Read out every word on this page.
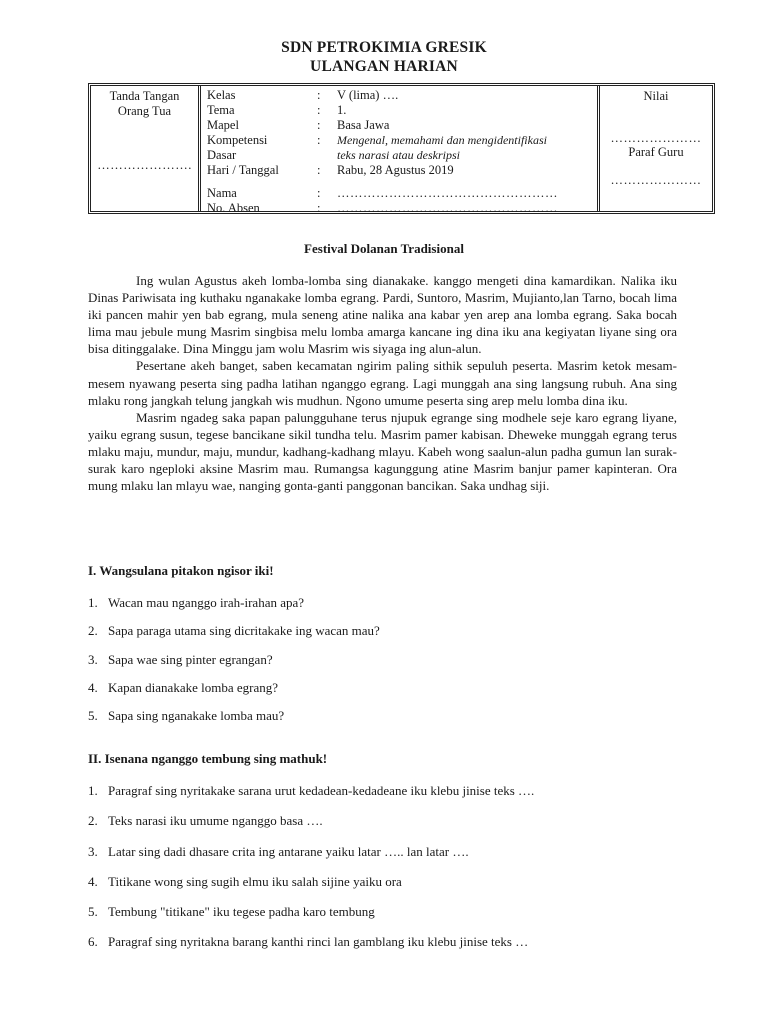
SDN PETROKIMIA GRESIK
ULANGAN HARIAN
Tanda Tangan
Orang Tua
………………….
Kelas	: V (lima) ….
Tema	: 1.
Mapel	: Basa Jawa
Kompetensi	: Mengenal, memahami dan mengidentifikasi
Dasar	teks narasi atau deskripsi
Hari / Tanggal	: Rabu, 28 Agustus 2019
Nama	: ……………………………………………
No. Absen	: ……………………………………………
Nilai
…………………
Paraf Guru
…………………
Festival Dolanan Tradisional

Ing wulan Agustus akeh lomba-lomba sing dianakake. kanggo mengeti dina kamardikan. Nalika iku Dinas Pariwisata ing kuthaku nganakake lomba egrang. Pardi, Suntoro, Masrim, Mujianto,lan Tarno, bocah lima iki pancen mahir yen bab egrang, mula seneng atine nalika ana kabar yen arep ana lomba egrang. Saka bocah lima mau jebule mung Masrim singbisa melu lomba amarga kancane ing dina iku ana kegiyatan liyane sing ora bisa ditinggalake. Dina Minggu jam wolu Masrim wis siyaga ing alun-alun.

Pesertane akeh banget, saben kecamatan ngirim paling sithik sepuluh peserta. Masrim ketok mesam-mesem nyawang peserta sing padha latihan nganggo egrang. Lagi munggah ana sing langsung rubuh. Ana sing mlaku rong jangkah telung jangkah wis mudhun. Ngono umume peserta sing arep melu lomba dina iku.

Masrim ngadeg saka papan palungguhane terus njupuk egrange sing modhele seje karo egrang liyane, yaiku egrang susun, tegese bancikane sikil tundha telu. Masrim pamer kabisan. Dheweke munggah egrang terus mlaku maju, mundur, maju, mundur, kadhang-kadhang mlayu. Kabeh wong saalun-alun padha gumun lan surak-surak karo ngeploki aksine Masrim mau. Rumangsa kagunggung atine Masrim banjur pamer kapinteran. Ora mung mlaku lan mlayu wae, nanging gonta-ganti panggonan bancikan. Saka undhag siji.

I. Wangsulana pitakon ngisor iki!
1. Wacan mau nganggo irah-irahan apa?
2. Sapa paraga utama sing dicritakake ing wacan mau?
3. Sapa wae sing pinter egrangan?
4. Kapan dianakake lomba egrang?
5. Sapa sing nganakake lomba mau?
II. Isenana nganggo tembung sing mathuk!
1. Paragraf sing nyritakake sarana urut kedadean-kedadeane iku klebu jinise teks ….
2. Teks narasi iku umume nganggo basa ….
3. Latar sing dadi dhasare crita ing antarane yaiku latar ….. lan latar ….
4. Titikane wong sing sugih elmu iku salah sijine yaiku ora
5. Tembung "titikane" iku tegese padha karo tembung
6. Paragraf sing nyritakna barang kanthi rinci lan gamblang iku klebu jinise teks …
